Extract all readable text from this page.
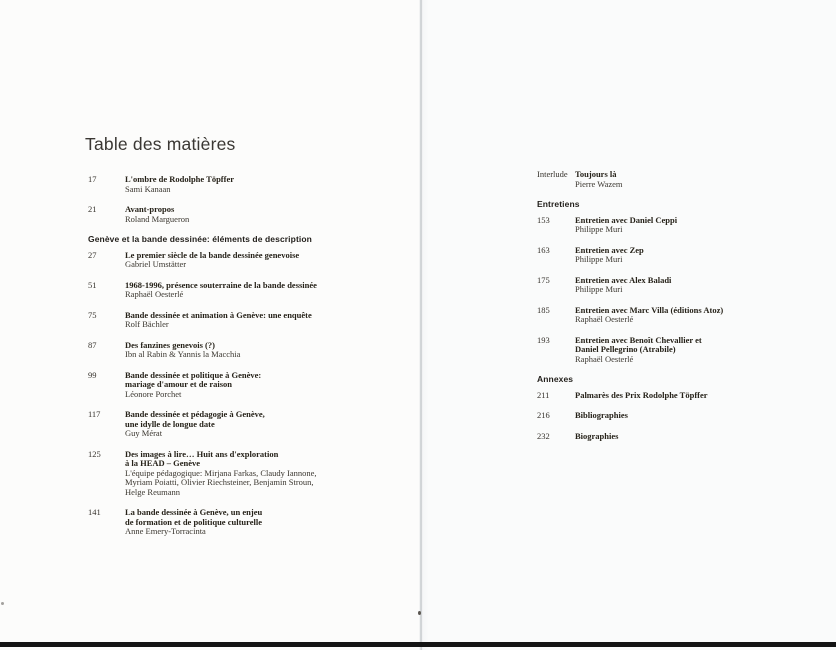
Table des matières
17	L'ombre de Rodolphe Töpffer
Sami Kanaan
21	Avant-propos
Roland Margueron
Genève et la bande dessinée: éléments de description
27	Le premier siècle de la bande dessinée genevoise
Gabriel Umstätter
51	1968-1996, présence souterraine de la bande dessinée
Raphaël Oesterlé
75	Bande dessinée et animation à Genève: une enquête
Rolf Bächler
87	Des fanzines genevois (?)
Ibn al Rabin & Yannis la Macchia
99	Bande dessinée et politique à Genève:
mariage d'amour et de raison
Léonore Porchet
117	Bande dessinée et pédagogie à Genève,
une idylle de longue date
Guy Mérat
125	Des images à lire… Huit ans d'exploration
à la HEAD – Genève
L'équipe pédagogique: Mirjana Farkas, Claudy Iannone,
Myriam Poiatti, Olivier Riechsteiner, Benjamin Stroun,
Helge Reumann
141	La bande dessinée à Genève, un enjeu
de formation et de politique culturelle
Anne Emery-Torracinta
Interlude Toujours là
Pierre Wazem
Entretiens
153	Entretien avec Daniel Ceppi
Philippe Muri
163	Entretien avec Zep
Philippe Muri
175	Entretien avec Alex Baladi
Philippe Muri
185	Entretien avec Marc Villa (éditions Atoz)
Raphaël Oesterlé
193	Entretien avec Benoît Chevallier et
Daniel Pellegrino (Atrabile)
Raphaël Oesterlé
Annexes
211	Palmarès des Prix Rodolphe Töpffer
216	Bibliographies
232	Biographies
